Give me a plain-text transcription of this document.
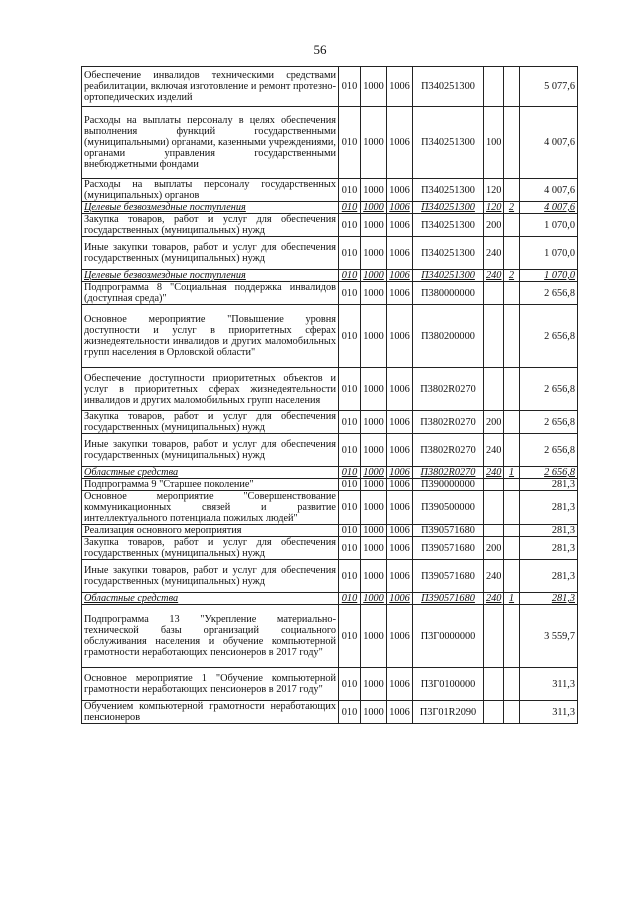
56
Обеспечение инвалидов техническими средствами реабилитации, включая изготовление и ремонт протезно-ортопедических изделий	010	1000	1006	П340251300			5 077,6
Расходы на выплаты персоналу в целях обеспечения выполнения функций государственными (муниципальными) органами, казенными учреждениями, органами управления государственными внебюджетными фондами	010	1000	1006	П340251300	100		4 007,6
Расходы на выплаты персоналу государственных (муниципальных) органов	010	1000	1006	П340251300	120		4 007,6
Целевые безвозмездные поступления	010	1000	1006	П340251300	120	2	4 007,6
Закупка товаров, работ и услуг для обеспечения государственных (муниципальных) нужд	010	1000	1006	П340251300	200		1 070,0
Иные закупки товаров, работ и услуг для обеспечения государственных (муниципальных) нужд	010	1000	1006	П340251300	240		1 070,0
Целевые безвозмездные поступления	010	1000	1006	П340251300	240	2	1 070,0
Подпрограмма 8 "Социальная поддержка инвалидов (доступная среда)"	010	1000	1006	П380000000			2 656,8
Основное мероприятие "Повышение уровня доступности и услуг в приоритетных сферах жизнедеятельности инвалидов и других маломобильных групп населения в Орловской области"	010	1000	1006	П380200000			2 656,8
Обеспечение доступности приоритетных объектов и услуг в приоритетных сферах жизнедеятельности инвалидов и других маломобильных групп населения	010	1000	1006	П3802R0270			2 656,8
Закупка товаров, работ и услуг для обеспечения государственных (муниципальных) нужд	010	1000	1006	П3802R0270	200		2 656,8
Иные закупки товаров, работ и услуг для обеспечения государственных (муниципальных) нужд	010	1000	1006	П3802R0270	240		2 656,8
Областные средства	010	1000	1006	П3802R0270	240	1	2 656,8
Подпрограмма 9 "Старшее поколение"	010	1000	1006	П390000000			281,3
Основное мероприятие "Совершенствование коммуникационных связей и развитие интеллектуального потенциала пожилых людей"	010	1000	1006	П390500000			281,3
Реализация основного мероприятия	010	1000	1006	П390571680			281,3
Закупка товаров, работ и услуг для обеспечения государственных (муниципальных) нужд	010	1000	1006	П390571680	200		281,3
Иные закупки товаров, работ и услуг для обеспечения государственных (муниципальных) нужд	010	1000	1006	П390571680	240		281,3
Областные средства	010	1000	1006	П390571680	240	1	281,3
Подпрограмма 13 "Укрепление материально-технической базы организаций социального обслуживания населения и обучение компьютерной грамотности неработающих пенсионеров в 2017 году"	010	1000	1006	П3Г0000000			3 559,7
Основное мероприятие 1 "Обучение компьютерной грамотности неработающих пенсионеров в 2017 году"	010	1000	1006	П3Г0100000			311,3
Обучением компьютерной грамотности неработающих пенсионеров	010	1000	1006	П3Г01R2090			311,3
